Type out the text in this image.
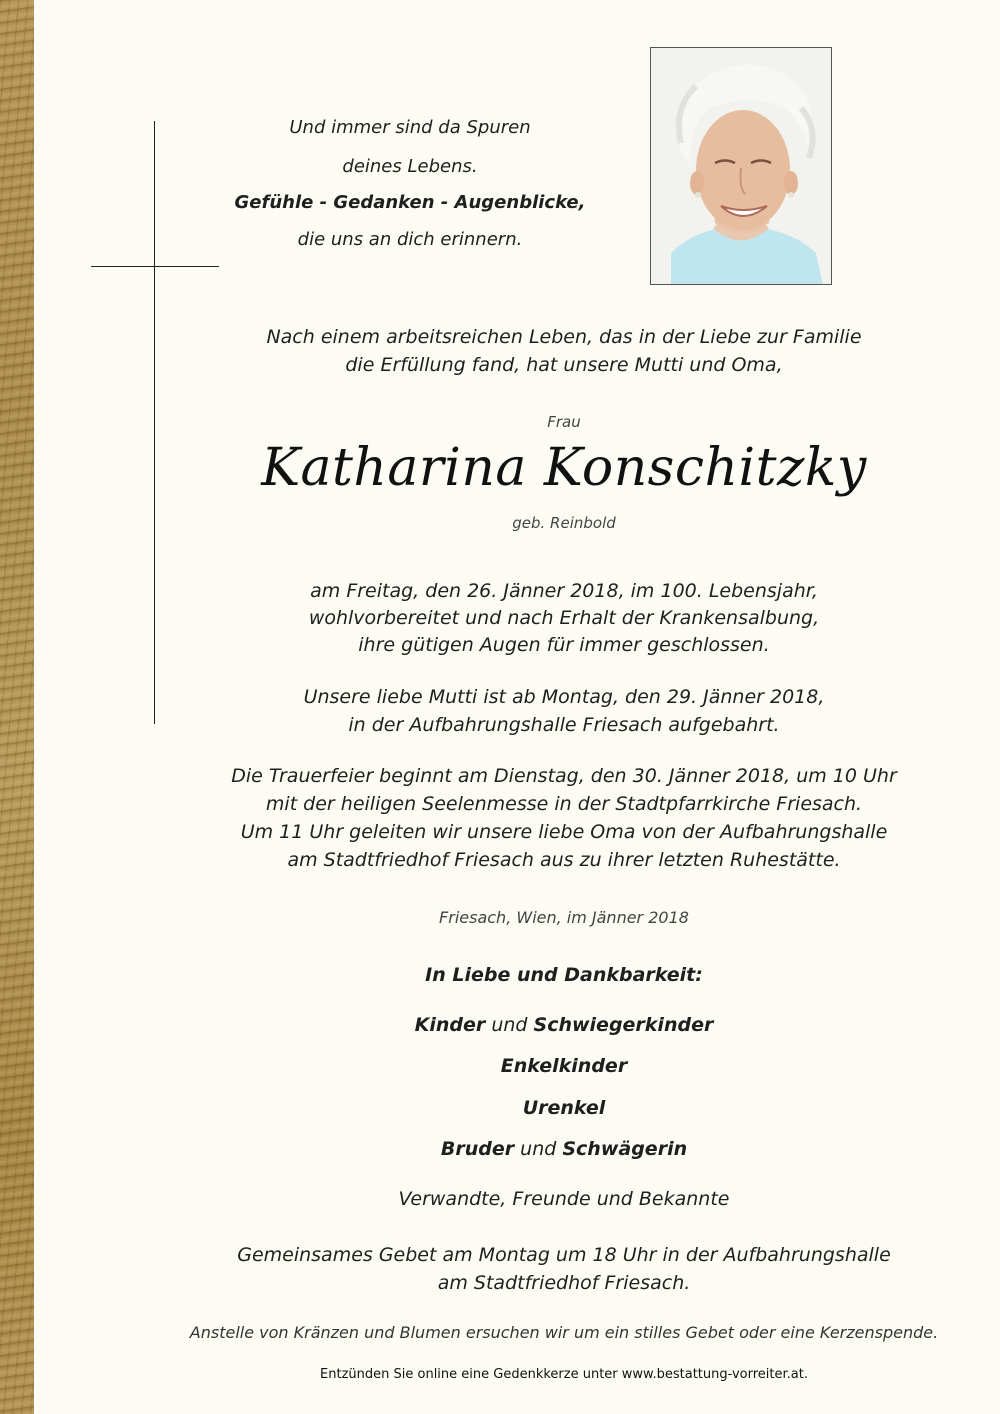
Und immer sind da Spuren
deines Lebens.
Gefühle - Gedanken - Augenblicke,
die uns an dich erinnern.
Nach einem arbeitsreichen Leben, das in der Liebe zur Familie
die Erfüllung fand, hat unsere Mutti und Oma,
Frau
Katharina Konschitzky
geb. Reinbold
am Freitag, den 26. Jänner 2018, im 100. Lebensjahr,
wohlvorbereitet und nach Erhalt der Krankensalbung,
ihre gütigen Augen für immer geschlossen.
Unsere liebe Mutti ist ab Montag, den 29. Jänner 2018,
in der Aufbahrungshalle Friesach aufgebahrt.
Die Trauerfeier beginnt am Dienstag, den 30. Jänner 2018, um 10 Uhr
mit der heiligen Seelenmesse in der Stadtpfarrkirche Friesach.
Um 11 Uhr geleiten wir unsere liebe Oma von der Aufbahrungshalle
am Stadtfriedhof Friesach aus zu ihrer letzten Ruhestätte.
Friesach, Wien, im Jänner 2018
In Liebe und Dankbarkeit:
Kinder und Schwiegerkinder
Enkelkinder
Urenkel
Bruder und Schwägerin
Verwandte, Freunde und Bekannte
Gemeinsames Gebet am Montag um 18 Uhr in der Aufbahrungshalle
am Stadtfriedhof Friesach.
Anstelle von Kränzen und Blumen ersuchen wir um ein stilles Gebet oder eine Kerzenspende.
Entzünden Sie online eine Gedenkkerze unter www.bestattung-vorreiter.at.
